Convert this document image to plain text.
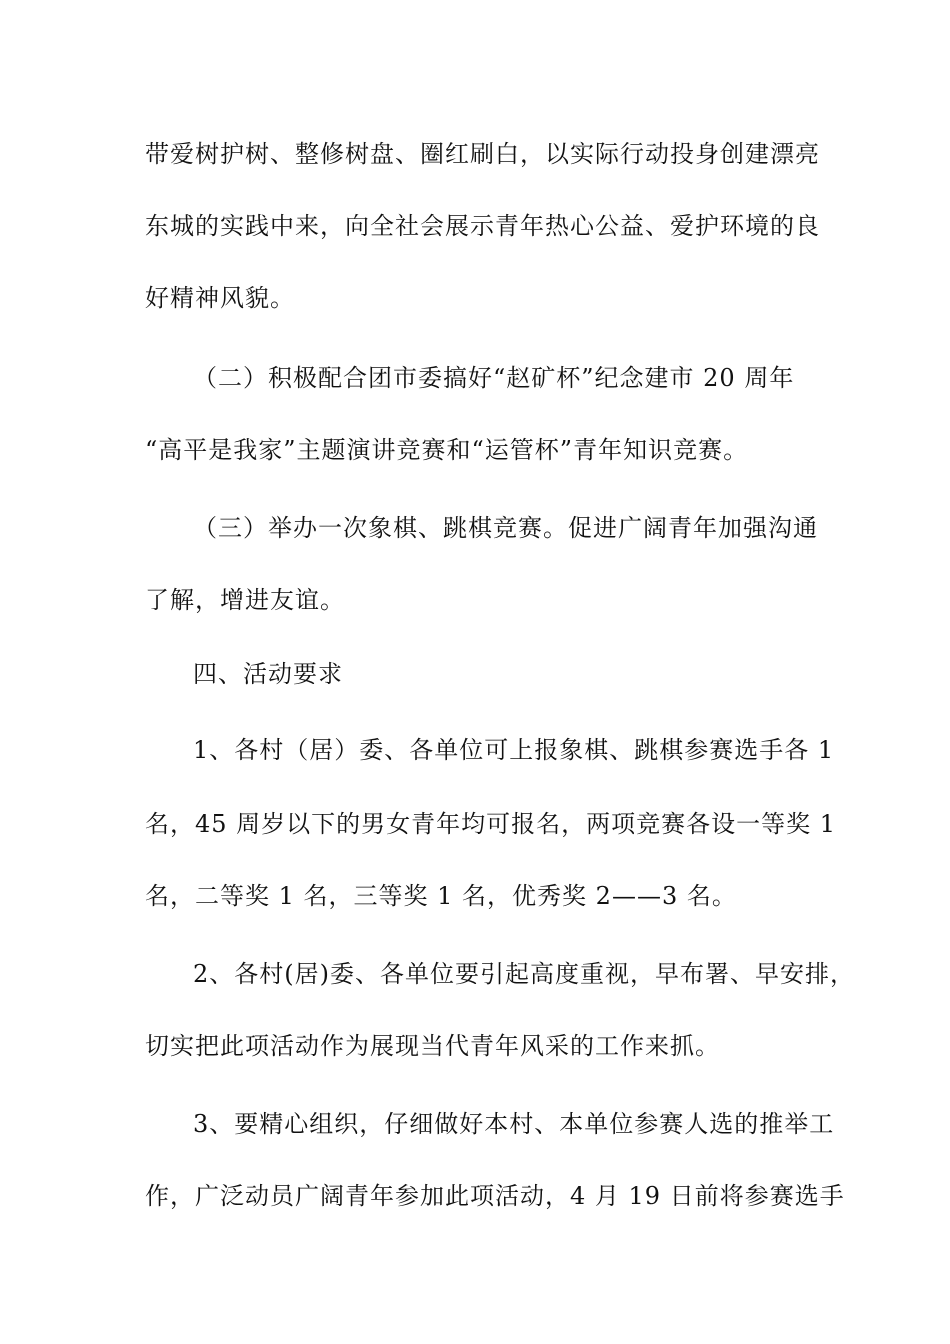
带爱树护树、整修树盘、圈红刷白，以实际行动投身创建漂亮
东城的实践中来，向全社会展示青年热心公益、爱护环境的良
好精神风貌。
（二）积极配合团市委搞好“赵矿杯”纪念建市 20 周年
“高平是我家”主题演讲竞赛和“运管杯”青年知识竞赛。
（三）举办一次象棋、跳棋竞赛。促进广阔青年加强沟通
了解，增进友谊。
四、活动要求
1、各村（居）委、各单位可上报象棋、跳棋参赛选手各 1
名，45 周岁以下的男女青年均可报名，两项竞赛各设一等奖 1
名，二等奖 1 名，三等奖 1 名，优秀奖 2——3 名。
2、各村(居)委、各单位要引起高度重视，早布署、早安排，
切实把此项活动作为展现当代青年风采的工作来抓。
3、要精心组织，仔细做好本村、本单位参赛人选的推举工
作，广泛动员广阔青年参加此项活动，4 月 19 日前将参赛选手
